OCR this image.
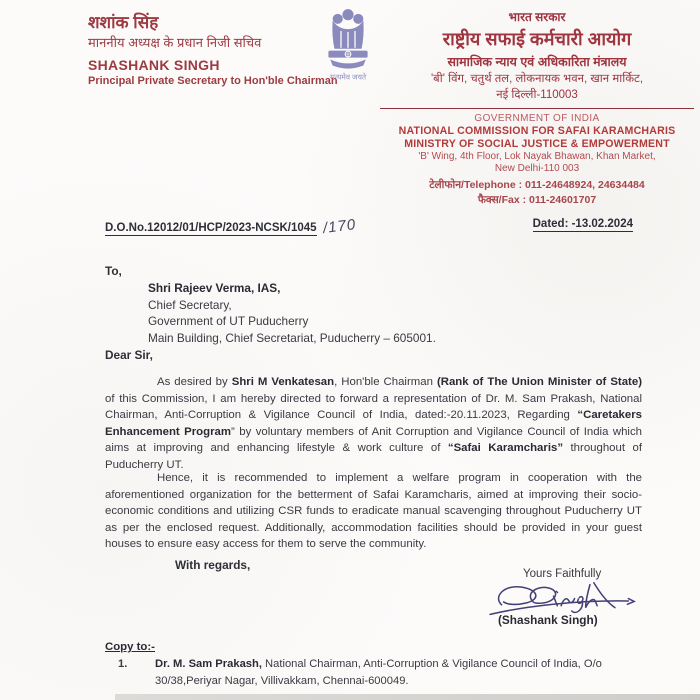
शशांक सिंह
माननीय अध्यक्ष के प्रधान निजी सचिव
SHASHANK SINGH
Principal Private Secretary to Hon'ble Chairman
सत्यमेव जयते
भारत सरकार
राष्ट्रीय सफाई कर्मचारी आयोग
सामाजिक न्याय एवं अधिकारिता मंत्रालय
'बी' विंग, चतुर्थ तल, लोकनायक भवन, खान मार्किट,
नई दिल्ली-110003
GOVERNMENT OF INDIA
NATIONAL COMMISSION FOR SAFAI KARAMCHARIS
MINISTRY OF SOCIAL JUSTICE & EMPOWERMENT
'B' Wing, 4th Floor, Lok Nayak Bhawan, Khan Market,
New Delhi-110 003
टेलीफोन/Telephone : 011-24648924, 24634484
फैक्स/Fax : 011-24601707
D.O.No.12012/01/HCP/2023-NCSK/1045 /170	Dated: -13.02.2024
To,
Shri Rajeev Verma, IAS,
Chief Secretary,
Government of UT Puducherry
Main Building, Chief Secretariat, Puducherry – 605001.
Dear Sir,
As desired by Shri M Venkatesan, Hon'ble Chairman (Rank of The Union Minister of State) of this Commission, I am hereby directed to forward a representation of Dr. M. Sam Prakash, National Chairman, Anti-Corruption & Vigilance Council of India, dated:-20.11.2023, Regarding “Caretakers Enhancement Program” by voluntary members of Anit Corruption and Vigilance Council of India which aims at improving and enhancing lifestyle & work culture of “Safai Karamcharis” throughout of Puducherry UT.
Hence, it is recommended to implement a welfare program in cooperation with the aforementioned organization for the betterment of Safai Karamcharis, aimed at improving their socio-economic conditions and utilizing CSR funds to eradicate manual scavenging throughout Puducherry UT as per the enclosed request. Additionally, accommodation facilities should be provided in your guest houses to ensure easy access for them to serve the community.
With regards,
Yours Faithfully
(Shashank Singh)
Copy to:-
1. Dr. M. Sam Prakash, National Chairman, Anti-Corruption & Vigilance Council of India, O/o 30/38,Periyar Nagar, Villivakkam, Chennai-600049.
